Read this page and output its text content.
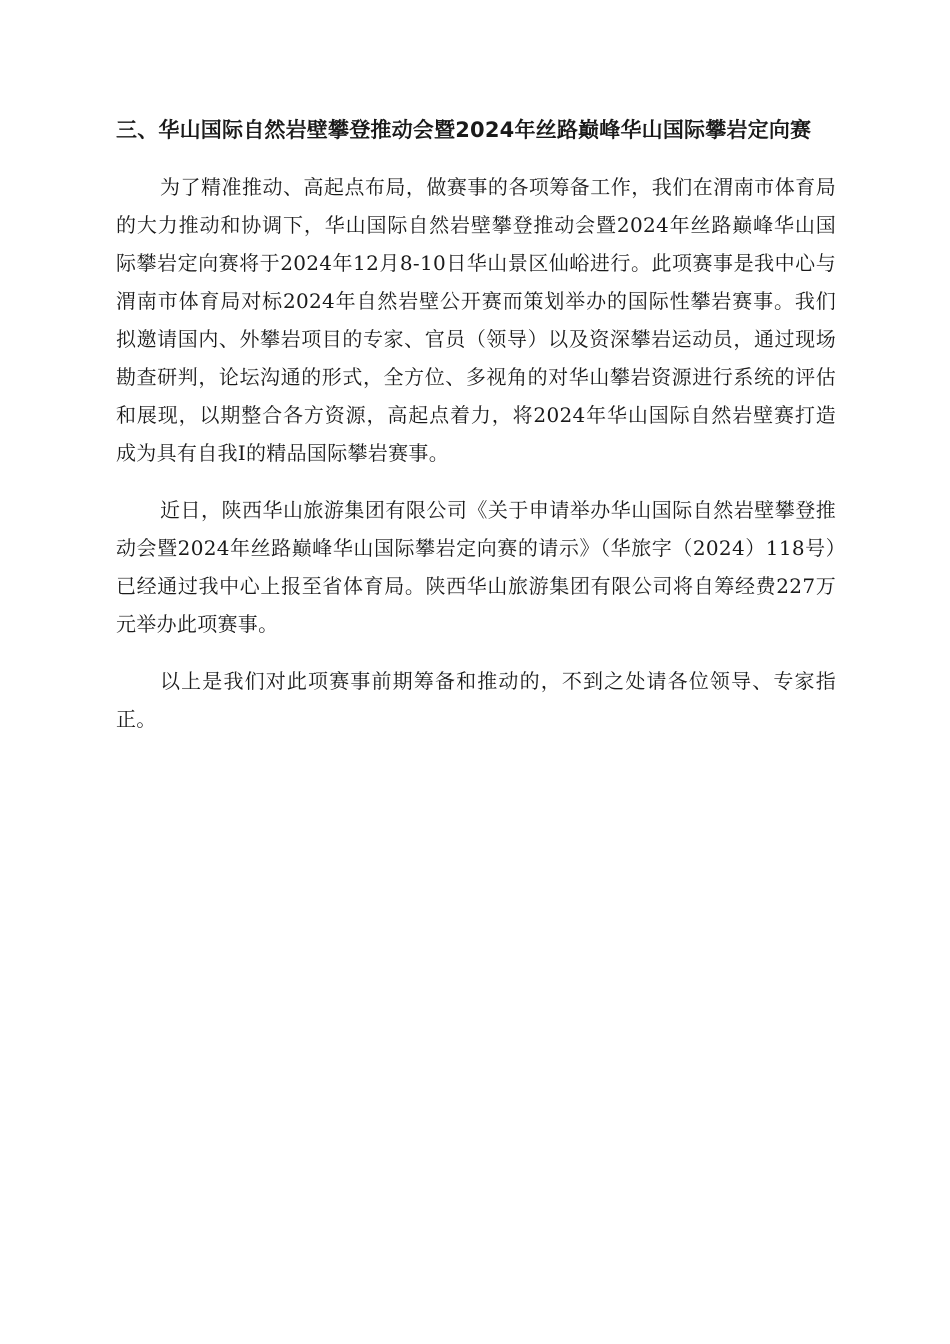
三、华山国际自然岩壁攀登推动会暨2024年丝路巅峰华山国际攀岩定向赛

为了精准推动、高起点布局，做赛事的各项筹备工作，我们在渭南市体育局的大力推动和协调下，华山国际自然岩壁攀登推动会暨2024年丝路巅峰华山国际攀岩定向赛将于2024年12月8-10日华山景区仙峪进行。此项赛事是我中心与渭南市体育局对标2024年自然岩壁公开赛而策划举办的国际性攀岩赛事。我们拟邀请国内、外攀岩项目的专家、官员（领导）以及资深攀岩运动员，通过现场勘查研判，论坛沟通的形式，全方位、多视角的对华山攀岩资源进行系统的评估和展现，以期整合各方资源，高起点着力，将2024年华山国际自然岩壁赛打造成为具有自我I的精品国际攀岩赛事。

近日，陕西华山旅游集团有限公司《关于申请举办华山国际自然岩壁攀登推动会暨2024年丝路巅峰华山国际攀岩定向赛的请示》（华旅字（2024）118号）已经通过我中心上报至省体育局。陕西华山旅游集团有限公司将自筹经费227万元举办此项赛事。

以上是我们对此项赛事前期筹备和推动的，不到之处请各位领导、专家指正。
